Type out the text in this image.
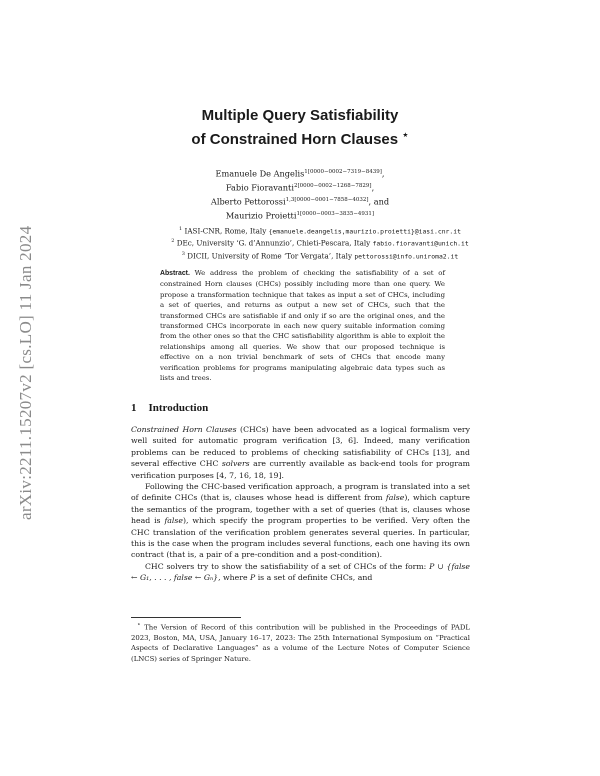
arXiv:2211.15207v2 [cs.LO] 11 Jan 2024
Multiple Query Satisfiability
of Constrained Horn Clauses ⋆
Emanuele De Angelis$^{1[0000-0002-7319-8439]}$,
Fabio Fioravanti$^{2[0000-0002-1268-7829]}$,
Alberto Pettorossi$^{1,3[0000-0001-7858-4032]}$, and
Maurizio Proietti$^{1[0000-0003-3835-4931]}$
$^1$ IASI-CNR, Rome, Italy {emanuele.deangelis,maurizio.proietti}@iasi.cnr.it
$^2$ DEc, University ‘G. d’Annunzio’, Chieti-Pescara, Italy fabio.fioravanti@unich.it
$^3$ DICII, University of Rome ‘Tor Vergata’, Italy pettorossi@info.uniroma2.it
Abstract. We address the problem of checking the satisfiability of a set of constrained Horn clauses (CHCs) possibly including more than one query. We propose a transformation technique that takes as input a set of CHCs, including a set of queries, and returns as output a new set of CHCs, such that the transformed CHCs are satisfiable if and only if so are the original ones, and the transformed CHCs incorporate in each new query suitable information coming from the other ones so that the CHC satisfiability algorithm is able to exploit the relationships among all queries. We show that our proposed technique is effective on a non trivial benchmark of sets of CHCs that encode many verification problems for programs manipulating algebraic data types such as lists and trees.
1 Introduction

Constrained Horn Clauses (CHCs) have been advocated as a logical formalism very well suited for automatic program verification [3, 6]. Indeed, many verification problems can be reduced to problems of checking satisfiability of CHCs [13], and several effective CHC solvers are currently available as back-end tools for program verification purposes [4, 7, 16, 18, 19].

Following the CHC-based verification approach, a program is translated into a set of definite CHCs (that is, clauses whose head is different from false), which capture the semantics of the program, together with a set of queries (that is, clauses whose head is false), which specify the program properties to be verified. Very often the CHC translation of the verification problem generates several queries. In particular, this is the case when the program includes several functions, each one having its own contract (that is, a pair of a pre-condition and a post-condition).

CHC solvers try to show the satisfiability of a set of CHCs of the form: P ∪ {false ← G₁, . . . , false ← Gₙ}, where P is a set of definite CHCs, and

⋆ The Version of Record of this contribution will be published in the Proceedings of PADL 2023, Boston, MA, USA, January 16–17, 2023: The 25th International Symposium on “Practical Aspects of Declarative Languages” as a volume of the Lecture Notes of Computer Science (LNCS) series of Springer Nature.
